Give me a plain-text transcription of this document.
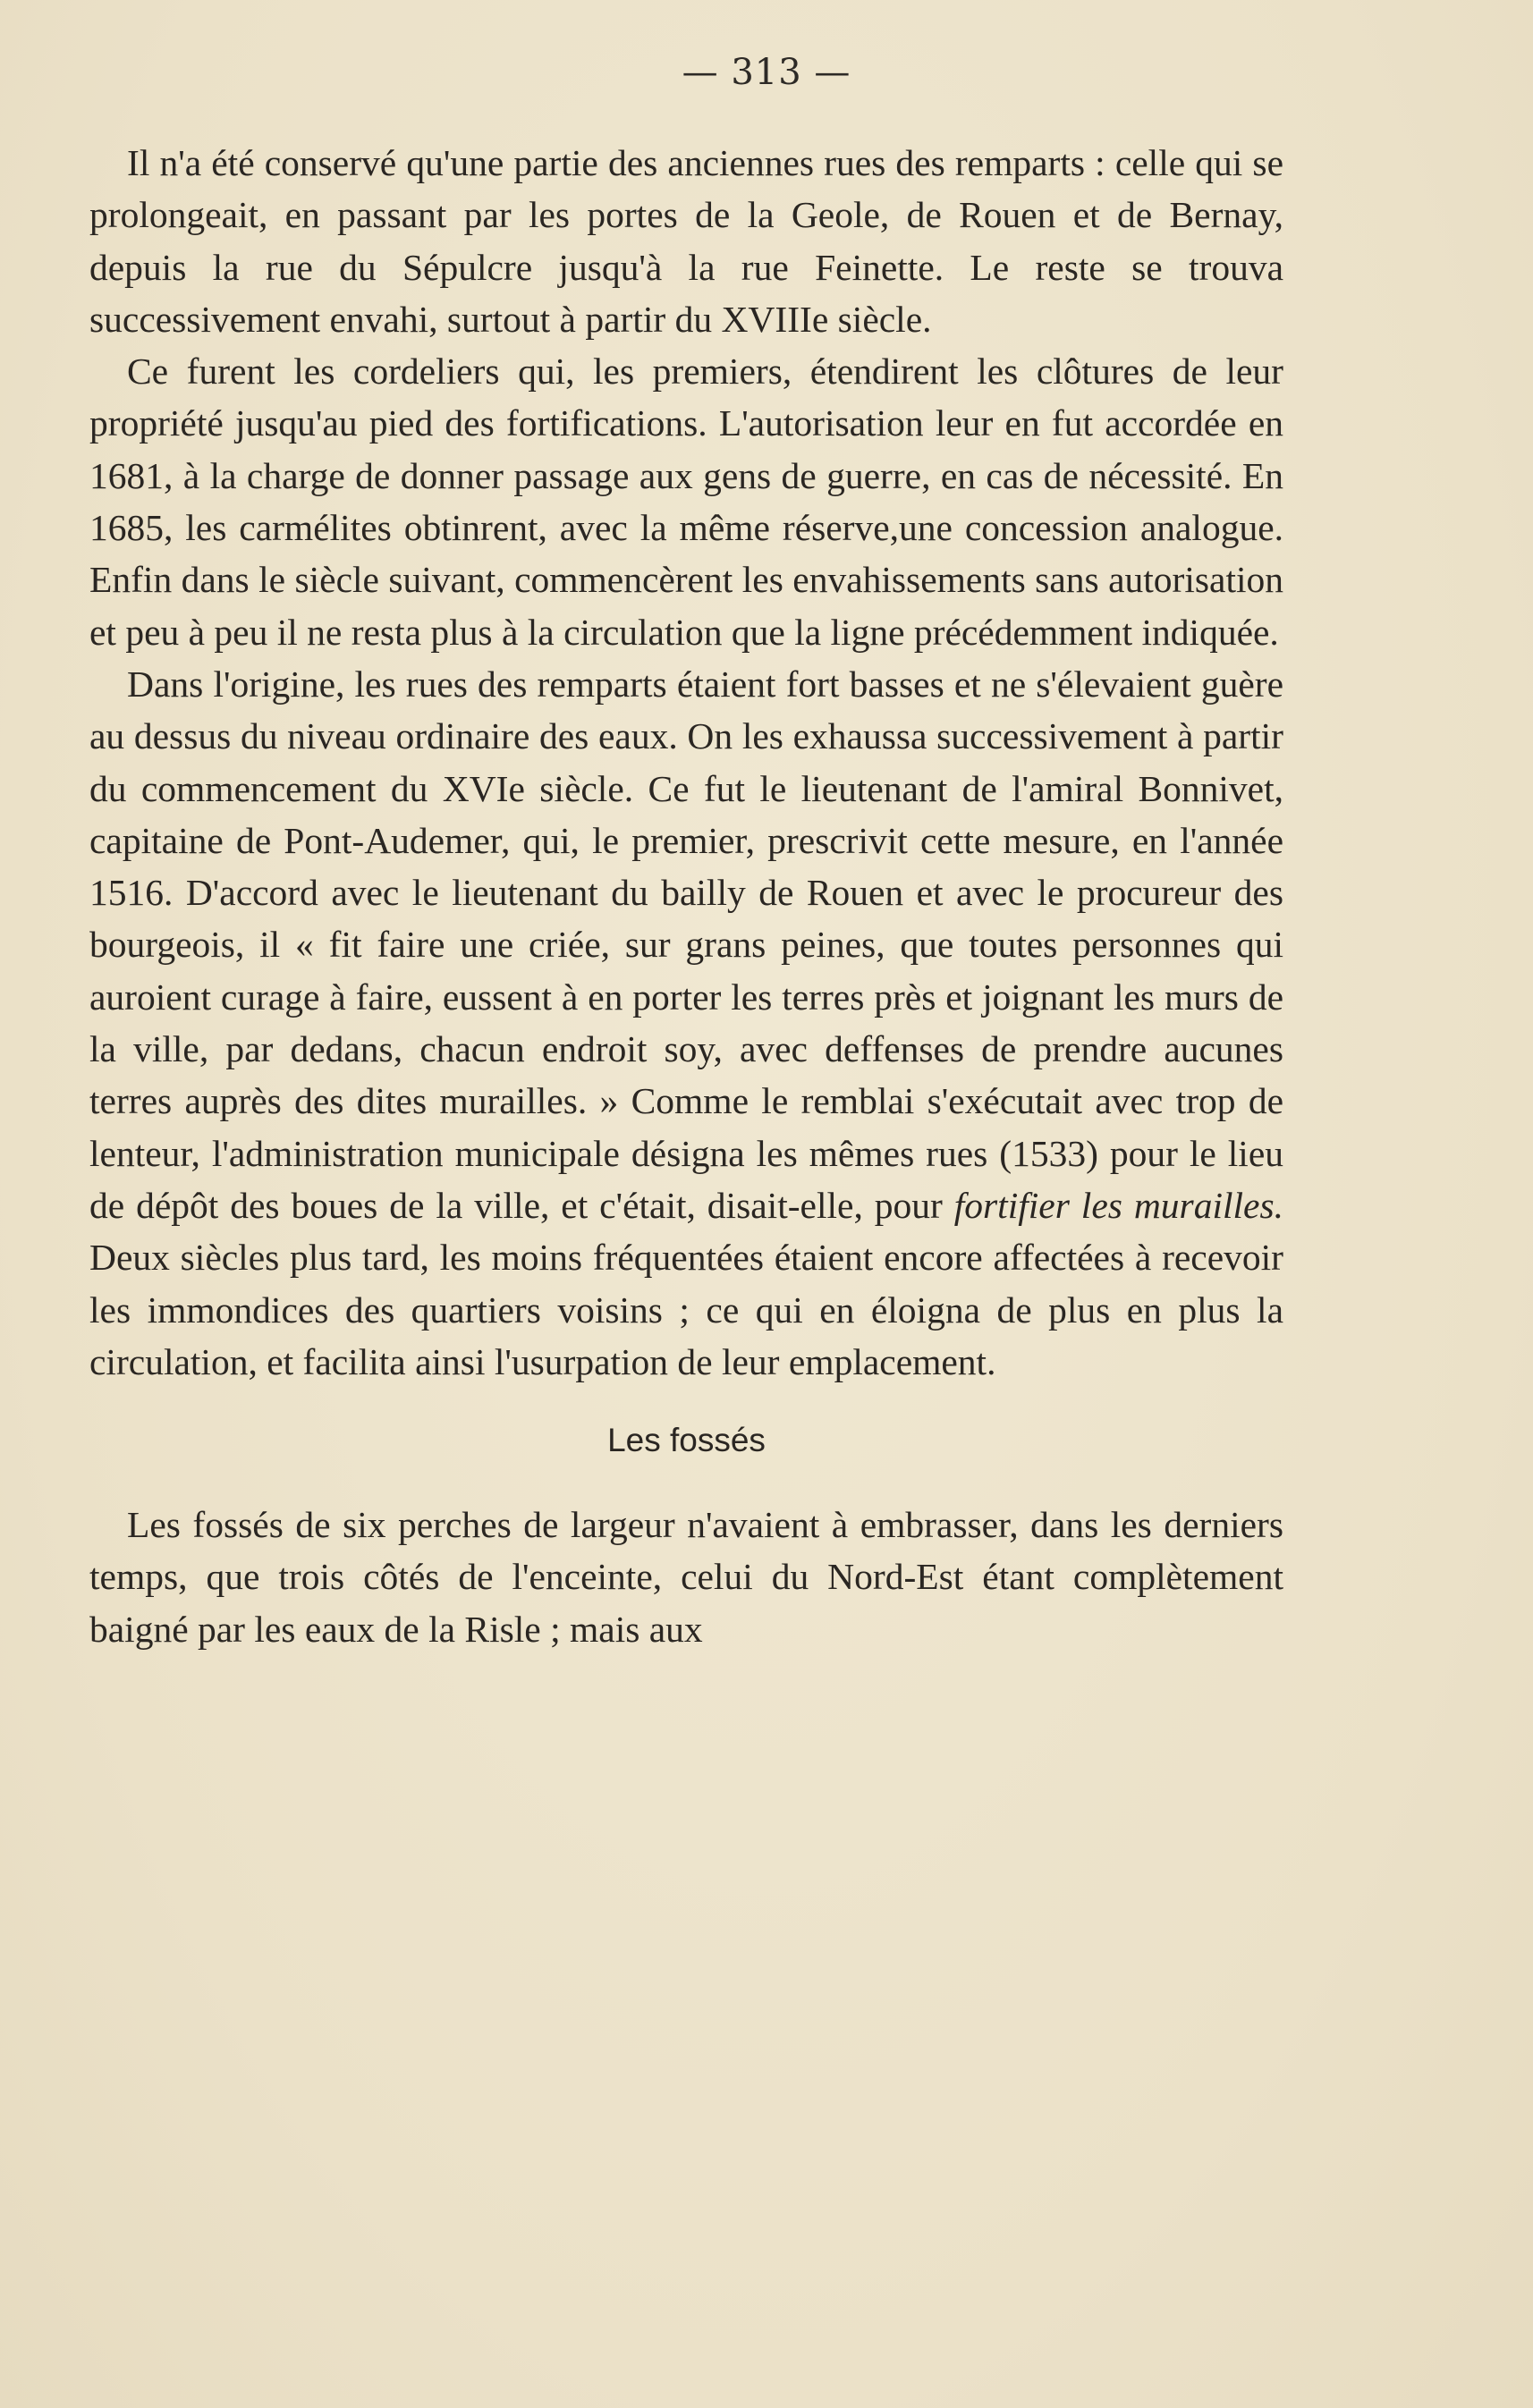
— 313 —

Il n'a été conservé qu'une partie des anciennes rues des remparts : celle qui se prolongeait, en passant par les portes de la Geole, de Rouen et de Bernay, depuis la rue du Sépulcre jusqu'à la rue Feinette. Le reste se trouva successivement envahi, surtout à partir du XVIIIe siècle.

Ce furent les cordeliers qui, les premiers, étendirent les clôtures de leur propriété jusqu'au pied des fortifications. L'autorisation leur en fut accordée en 1681, à la charge de donner passage aux gens de guerre, en cas de nécessité. En 1685, les carmélites obtinrent, avec la même réserve,une concession analogue. Enfin dans le siècle suivant, commencèrent les envahissements sans autorisation et peu à peu il ne resta plus à la circulation que la ligne précédemment indiquée.

Dans l'origine, les rues des remparts étaient fort basses et ne s'élevaient guère au dessus du niveau ordinaire des eaux. On les exhaussa successivement à partir du commencement du XVIe siècle. Ce fut le lieutenant de l'amiral Bonnivet, capitaine de Pont-Audemer, qui, le premier, prescrivit cette mesure, en l'année 1516. D'accord avec le lieutenant du bailly de Rouen et avec le procureur des bourgeois, il « fit faire une criée, sur grans peines, que toutes personnes qui auroient curage à faire, eussent à en porter les terres près et joignant les murs de la ville, par dedans, chacun endroit soy, avec deffenses de prendre aucunes terres auprès des dites murailles. » Comme le remblai s'exécutait avec trop de lenteur, l'administration municipale désigna les mêmes rues (1533) pour le lieu de dépôt des boues de la ville, et c'était, disait-elle, pour fortifier les murailles. Deux siècles plus tard, les moins fréquentées étaient encore affectées à recevoir les immondices des quartiers voisins ; ce qui en éloigna de plus en plus la circulation, et facilita ainsi l'usurpation de leur emplacement.

Les fossés

Les fossés de six perches de largeur n'avaient à embrasser, dans les derniers temps, que trois côtés de l'enceinte, celui du Nord-Est étant complètement baigné par les eaux de la Risle ; mais aux
